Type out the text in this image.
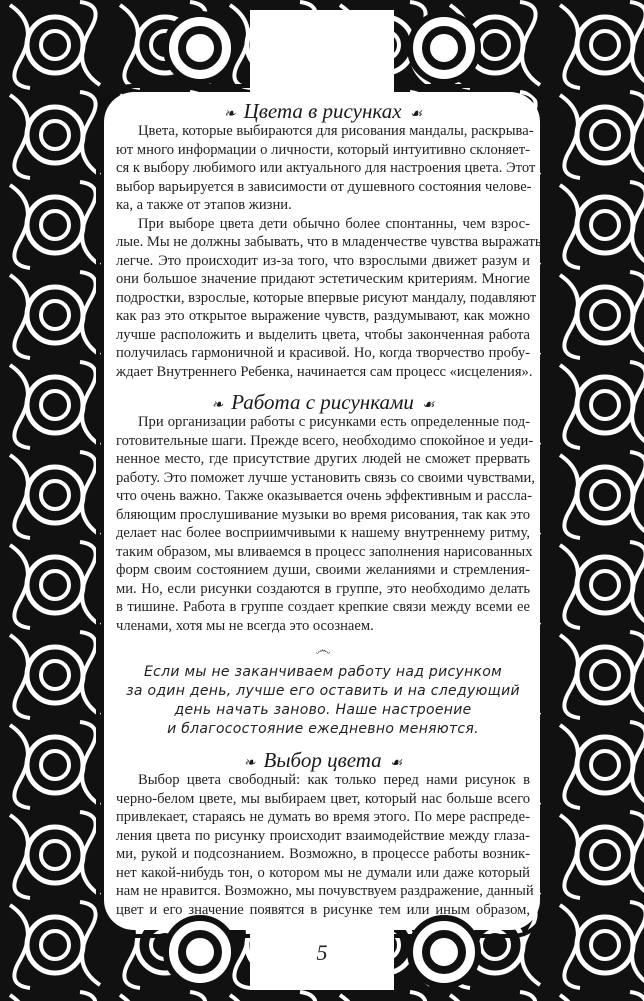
❧ Цвета в рисунках ☙
Цвета, которые выбираются для рисования мандалы, раскрыва-
ют много информации о личности, который интуитивно склоняет-
ся к выбору любимого или актуального для настроения цвета. Этот
выбор варьируется в зависимости от душевного состояния челове-
ка, а также от этапов жизни.
При выборе цвета дети обычно более спонтанны, чем взрос-
лые. Мы не должны забывать, что в младенчестве чувства выражать
легче. Это происходит из-за того, что взрослыми движет разум и
они большое значение придают эстетическим критериям. Многие
подростки, взрослые, которые впервые рисуют мандалу, подавляют
как раз это открытое выражение чувств, раздумывают, как можно
лучше расположить и выделить цвета, чтобы законченная работа
получилась гармоничной и красивой. Но, когда творчество пробу-
ждает Внутреннего Ребенка, начинается сам процесс «исцеления».
❧ Работа с рисунками ☙
При организации работы с рисунками есть определенные под-
готовительные шаги. Прежде всего, необходимо спокойное и уеди-
ненное место, где присутствие других людей не сможет прервать
работу. Это поможет лучше установить связь со своими чувствами,
что очень важно. Также оказывается очень эффективным и рассла-
бляющим прослушивание музыки во время рисования, так как это
делает нас более восприимчивыми к нашему внутреннему ритму,
таким образом, мы вливаемся в процесс заполнения нарисованных
форм своим состоянием души, своими желаниями и стремления-
ми. Но, если рисунки создаются в группе, это необходимо делать
в тишине. Работа в группе создает крепкие связи между всеми ее
членами, хотя мы не всегда это осознаем.
෴
Если мы не заканчиваем работу над рисунком
за один день, лучше его оставить и на следующий
день начать заново. Наше настроение
и благосостояние ежедневно меняются.
❧ Выбор цвета ☙
Выбор цвета свободный: как только перед нами рисунок в
черно-белом цвете, мы выбираем цвет, который нас больше всего
привлекает, стараясь не думать во время этого. По мере распреде-
ления цвета по рисунку происходит взаимодействие между глаза-
ми, рукой и подсознанием. Возможно, в процессе работы возник-
нет какой-нибудь тон, о котором мы не думали или даже который
нам не нравится. Возможно, мы почувствуем раздражение, данный
цвет и его значение появятся в рисунке тем или иным образом,
5
